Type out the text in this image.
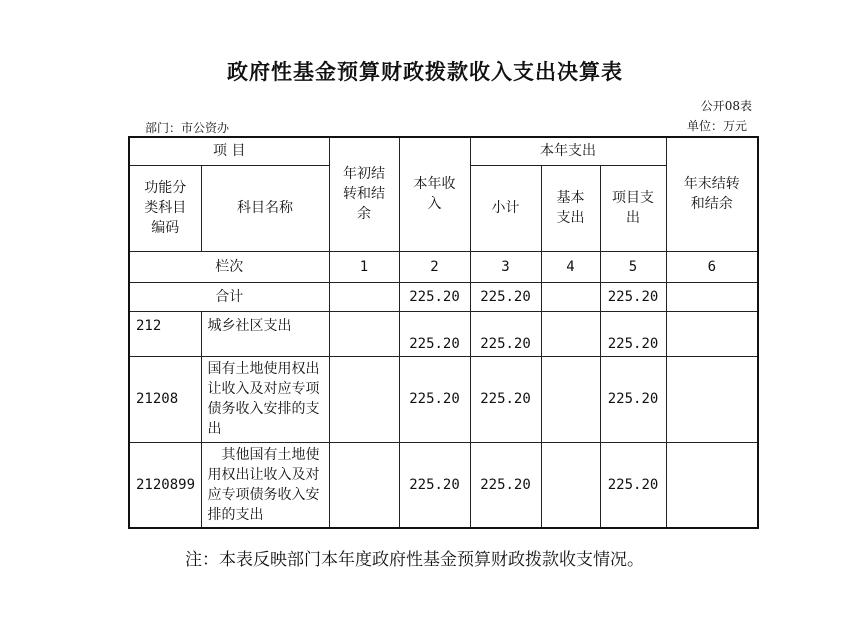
政府性基金预算财政拨款收入支出决算表
公开08表
部门：市公资办	单位：万元
项 目		年初结转和结余	本年收入	本年支出			年末结转和结余

功能分类科目编码	科目名称			小计	基本支出	项目支出	

栏次		1	2	3	4	5	6
合计			225.20	225.20		225.20	
212	城乡社区支出		225.20	225.20		225.20	
21208	国有土地使用权出让收入及对应专项债务收入安排的支出		225.20	225.20		225.20	
2120899	其他国有土地使用权出让收入及对应专项债务收入安排的支出		225.20	225.20		225.20	
注：本表反映部门本年度政府性基金预算财政拨款收支情况。
